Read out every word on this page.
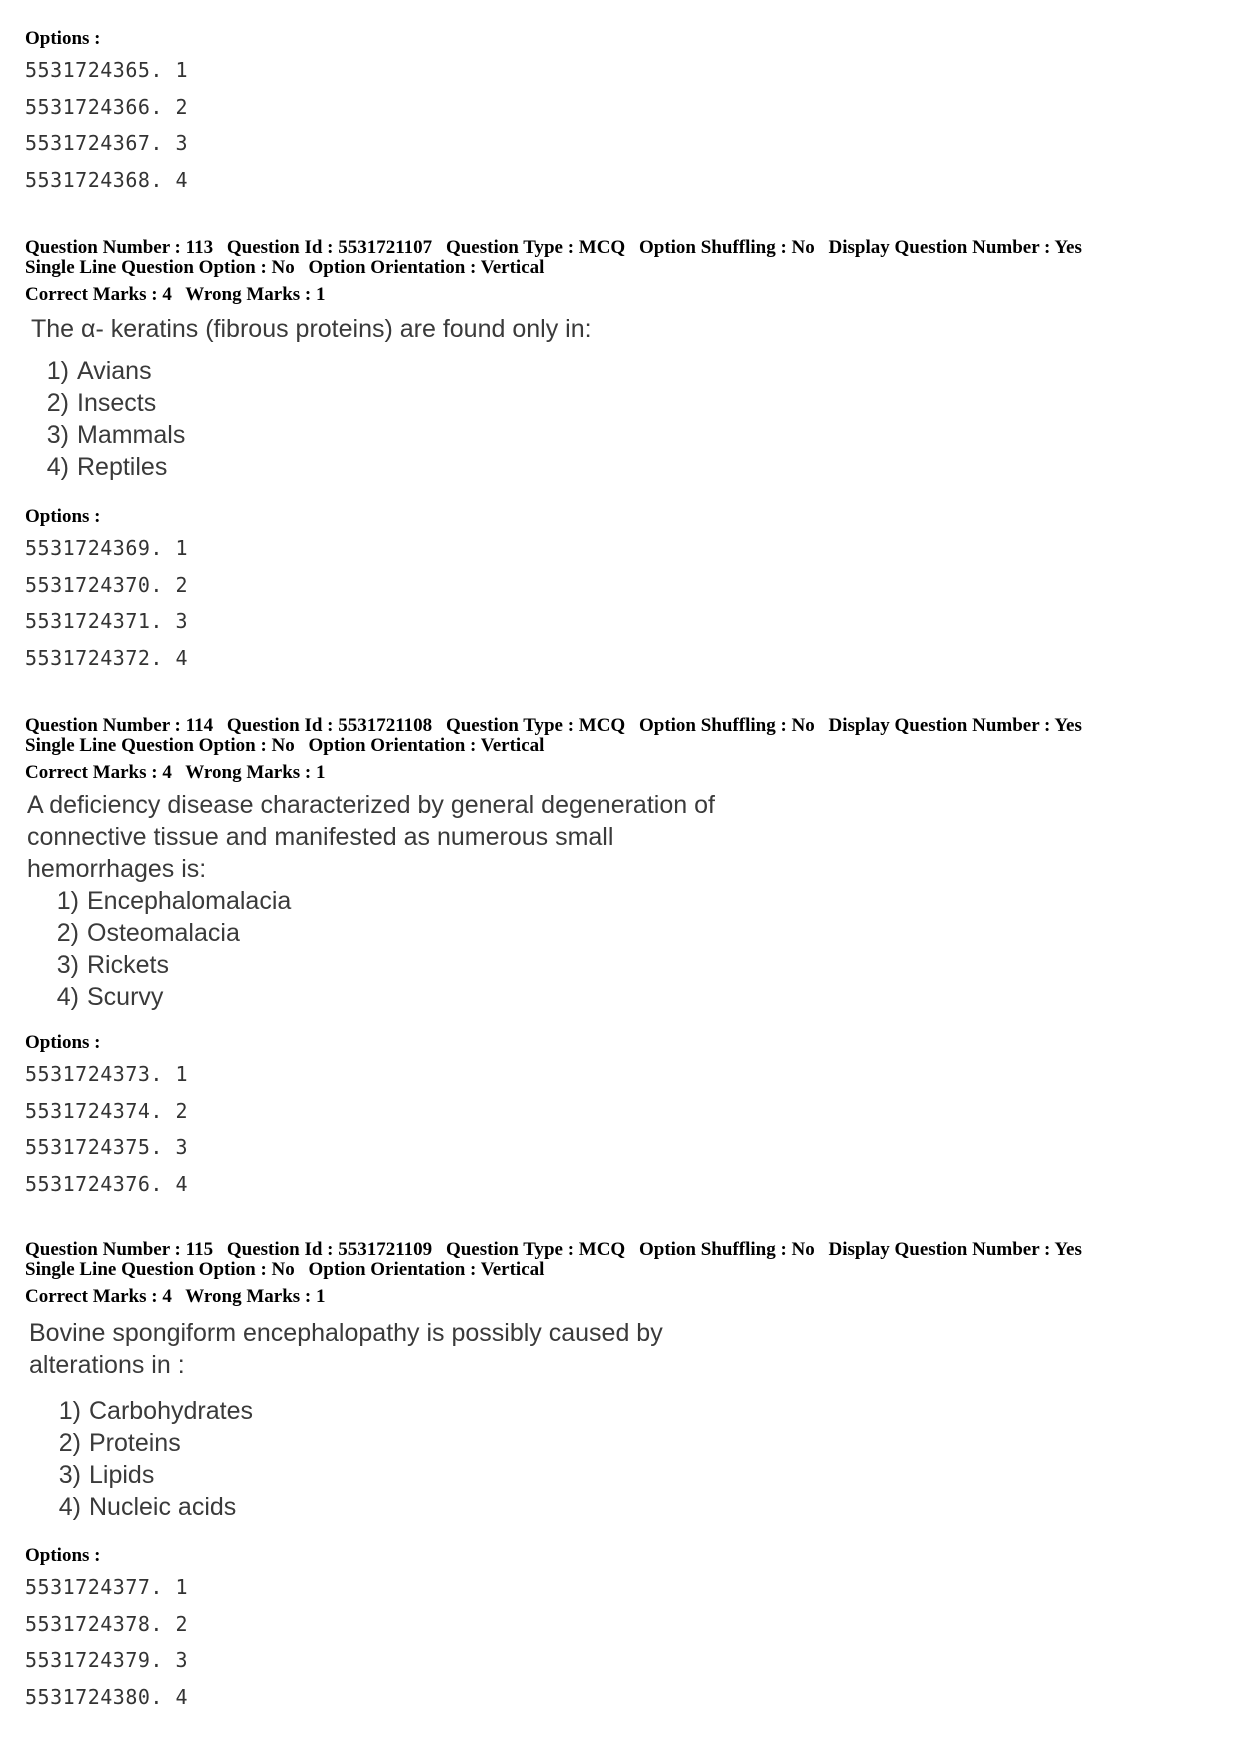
Options :

5531724365. 1
5531724366. 2
5531724367. 3
5531724368. 4
Question Number : 113 Question Id : 5531721107 Question Type : MCQ Option Shuffling : No Display Question Number : Yes
Single Line Question Option : No Option Orientation : Vertical
Correct Marks : 4 Wrong Marks : 1

The α- keratins (fibrous proteins) are found only in:

1) Avians
2) Insects
3) Mammals
4) Reptiles

Options :

5531724369. 1
5531724370. 2
5531724371. 3
5531724372. 4
Question Number : 114 Question Id : 5531721108 Question Type : MCQ Option Shuffling : No Display Question Number : Yes
Single Line Question Option : No Option Orientation : Vertical
Correct Marks : 4 Wrong Marks : 1

A deficiency disease characterized by general degeneration of

connective tissue and manifested as numerous small

hemorrhages is:

1) Encephalomalacia
2) Osteomalacia
3) Rickets
4) Scurvy

Options :

5531724373. 1
5531724374. 2
5531724375. 3
5531724376. 4
Question Number : 115 Question Id : 5531721109 Question Type : MCQ Option Shuffling : No Display Question Number : Yes
Single Line Question Option : No Option Orientation : Vertical
Correct Marks : 4 Wrong Marks : 1

Bovine spongiform encephalopathy is possibly caused by

alterations in :

1) Carbohydrates
2) Proteins
3) Lipids
4) Nucleic acids

Options :

5531724377. 1
5531724378. 2
5531724379. 3
5531724380. 4
